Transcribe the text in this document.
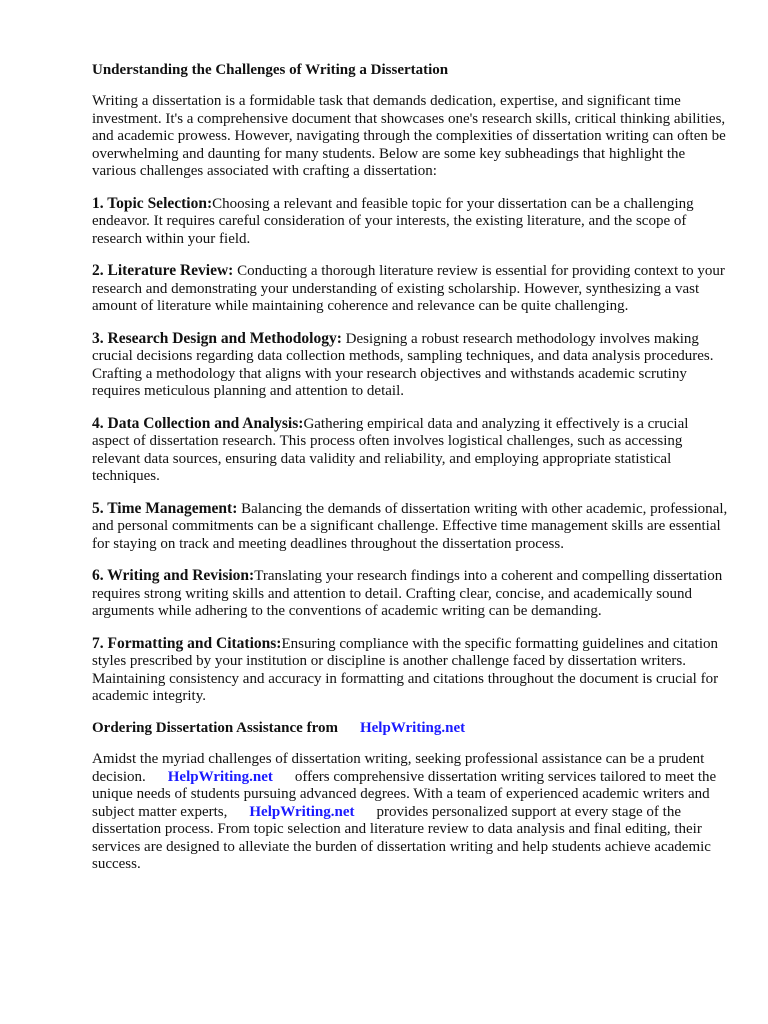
Understanding the Challenges of Writing a Dissertation

Writing a dissertation is a formidable task that demands dedication, expertise, and significant time investment. It's a comprehensive document that showcases one's research skills, critical thinking abilities, and academic prowess. However, navigating through the complexities of dissertation writing can often be overwhelming and daunting for many students. Below are some key subheadings that highlight the various challenges associated with crafting a dissertation:

1. Topic Selection:Choosing a relevant and feasible topic for your dissertation can be a challenging endeavor. It requires careful consideration of your interests, the existing literature, and the scope of research within your field.

2. Literature Review: Conducting a thorough literature review is essential for providing context to your research and demonstrating your understanding of existing scholarship. However, synthesizing a vast amount of literature while maintaining coherence and relevance can be quite challenging.

3. Research Design and Methodology: Designing a robust research methodology involves making crucial decisions regarding data collection methods, sampling techniques, and data analysis procedures. Crafting a methodology that aligns with your research objectives and withstands academic scrutiny requires meticulous planning and attention to detail.

4. Data Collection and Analysis:Gathering empirical data and analyzing it effectively is a crucial aspect of dissertation research. This process often involves logistical challenges, such as accessing relevant data sources, ensuring data validity and reliability, and employing appropriate statistical techniques.

5. Time Management: Balancing the demands of dissertation writing with other academic, professional, and personal commitments can be a significant challenge. Effective time management skills are essential for staying on track and meeting deadlines throughout the dissertation process.

6. Writing and Revision:Translating your research findings into a coherent and compelling dissertation requires strong writing skills and attention to detail. Crafting clear, concise, and academically sound arguments while adhering to the conventions of academic writing can be demanding.

7. Formatting and Citations:Ensuring compliance with the specific formatting guidelines and citation styles prescribed by your institution or discipline is another challenge faced by dissertation writers. Maintaining consistency and accuracy in formatting and citations throughout the document is crucial for academic integrity.

Ordering Dissertation Assistance from HelpWriting.net

Amidst the myriad challenges of dissertation writing, seeking professional assistance can be a prudent decision. HelpWriting.net offers comprehensive dissertation writing services tailored to meet the unique needs of students pursuing advanced degrees. With a team of experienced academic writers and subject matter experts, HelpWriting.net provides personalized support at every stage of the dissertation process. From topic selection and literature review to data analysis and final editing, their services are designed to alleviate the burden of dissertation writing and help students achieve academic success.
